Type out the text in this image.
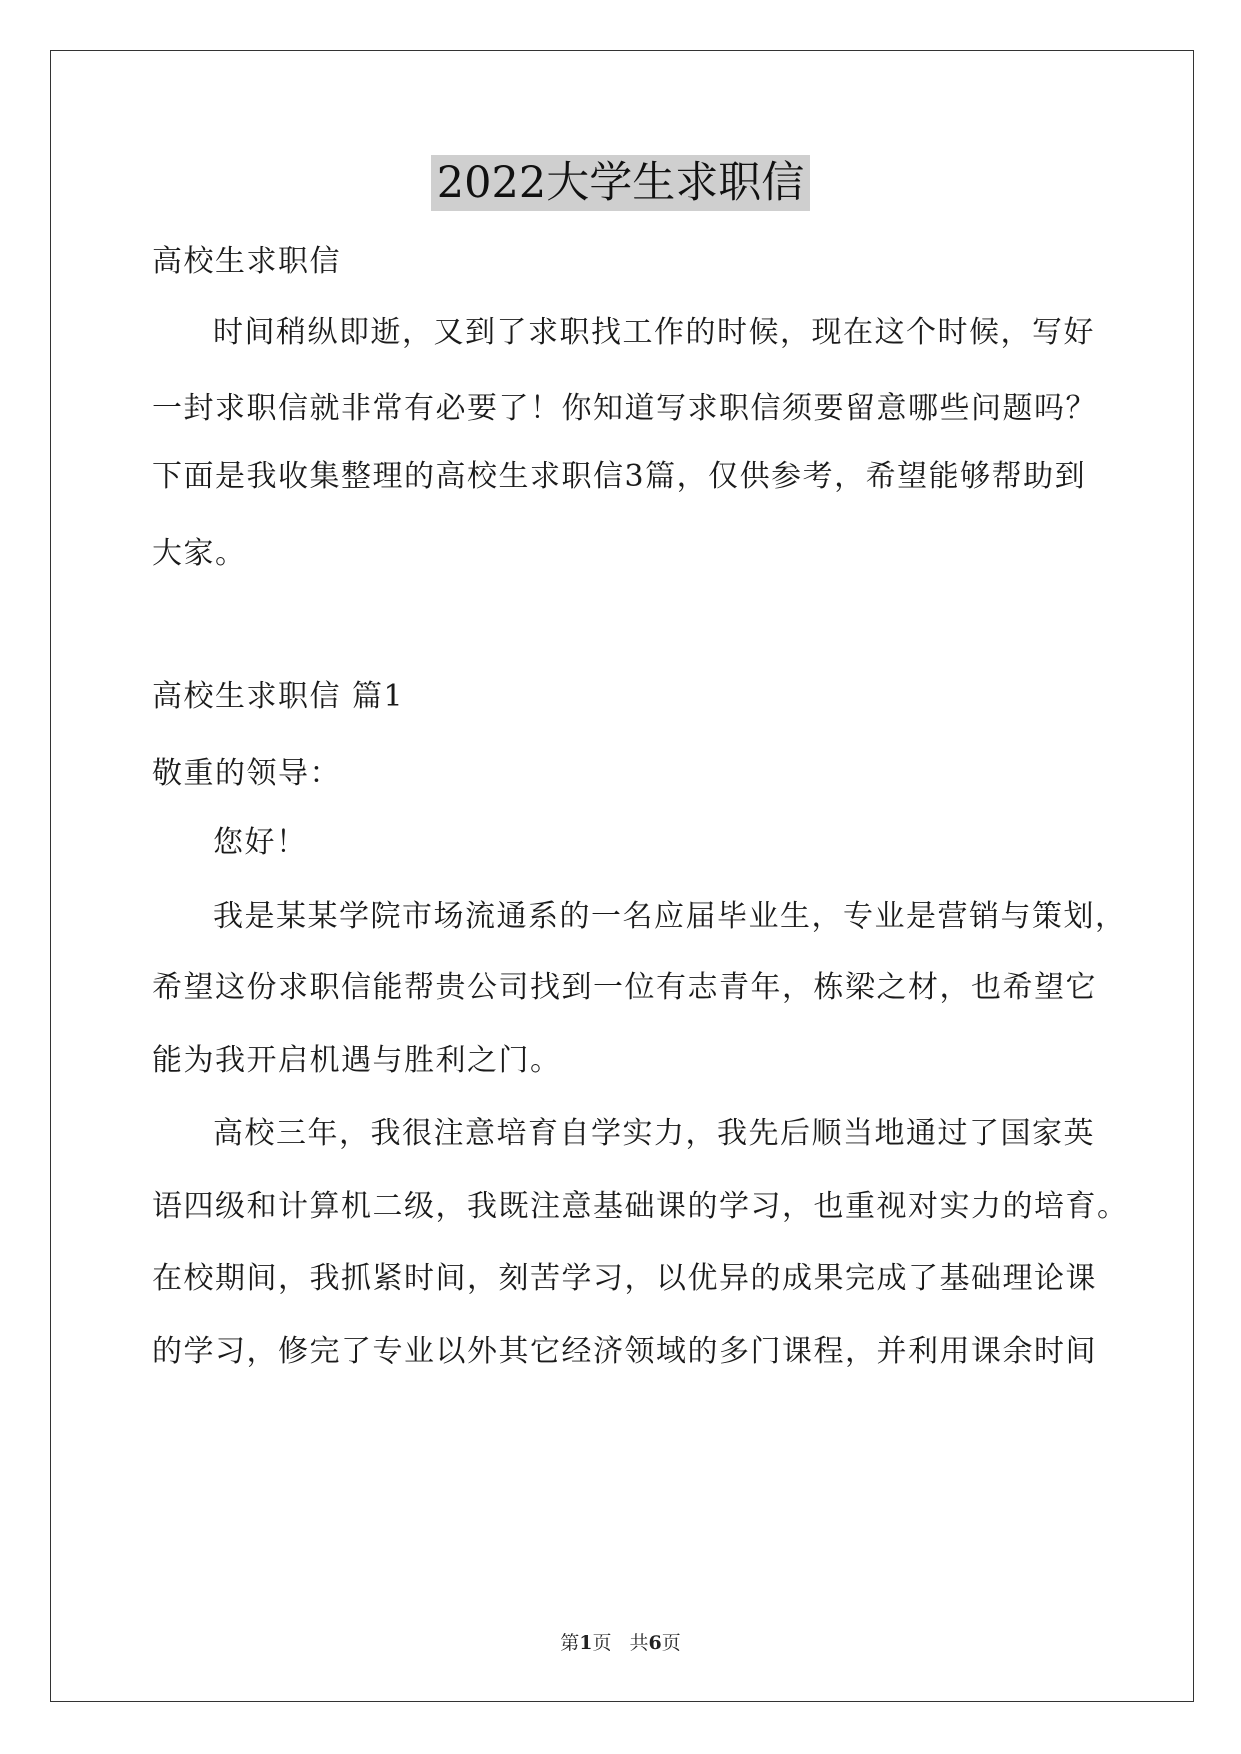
2022大学生求职信
高校生求职信
时间稍纵即逝，又到了求职找工作的时候，现在这个时候，写好
一封求职信就非常有必要了！你知道写求职信须要留意哪些问题吗？
下面是我收集整理的高校生求职信3篇，仅供参考，希望能够帮助到
大家。
高校生求职信 篇1
敬重的领导：
您好！
我是某某学院市场流通系的一名应届毕业生，专业是营销与策划，
希望这份求职信能帮贵公司找到一位有志青年，栋梁之材，也希望它
能为我开启机遇与胜利之门。
高校三年，我很注意培育自学实力，我先后顺当地通过了国家英
语四级和计算机二级，我既注意基础课的学习，也重视对实力的培育。
在校期间，我抓紧时间，刻苦学习，以优异的成果完成了基础理论课
的学习，修完了专业以外其它经济领域的多门课程，并利用课余时间
第1页 共6页
